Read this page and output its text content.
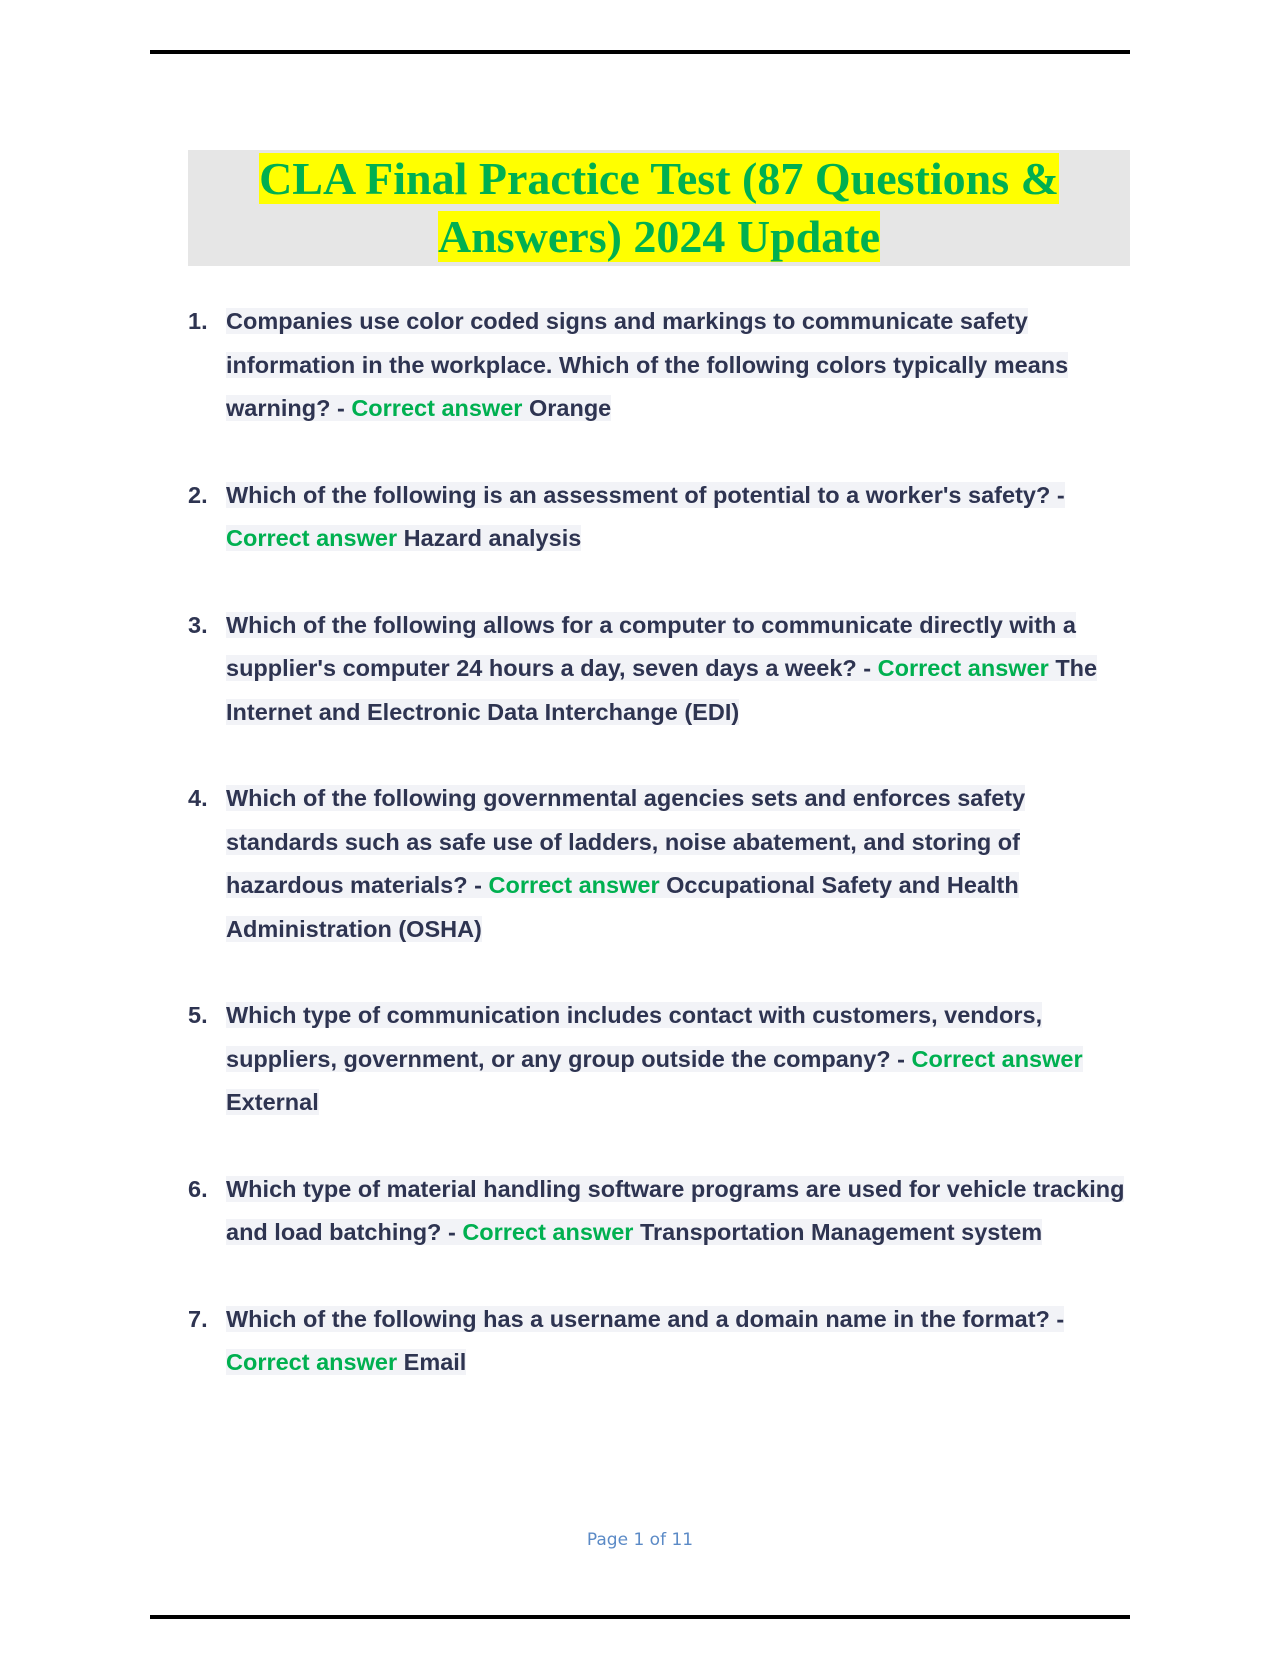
CLA Final Practice Test (87 Questions &
Answers) 2024 Update
1. Companies use color coded signs and markings to communicate safety information in the workplace. Which of the following colors typically means warning? - Correct answer Orange
2. Which of the following is an assessment of potential to a worker's safety? - Correct answer Hazard analysis
3. Which of the following allows for a computer to communicate directly with a supplier's computer 24 hours a day, seven days a week? - Correct answer The Internet and Electronic Data Interchange (EDI)
4. Which of the following governmental agencies sets and enforces safety standards such as safe use of ladders, noise abatement, and storing of hazardous materials? - Correct answer Occupational Safety and Health Administration (OSHA)
5. Which type of communication includes contact with customers, vendors, suppliers, government, or any group outside the company? - Correct answer External
6. Which type of material handling software programs are used for vehicle tracking and load batching? - Correct answer Transportation Management system
7. Which of the following has a username and a domain name in the format? - Correct answer Email
Page 1 of 11
